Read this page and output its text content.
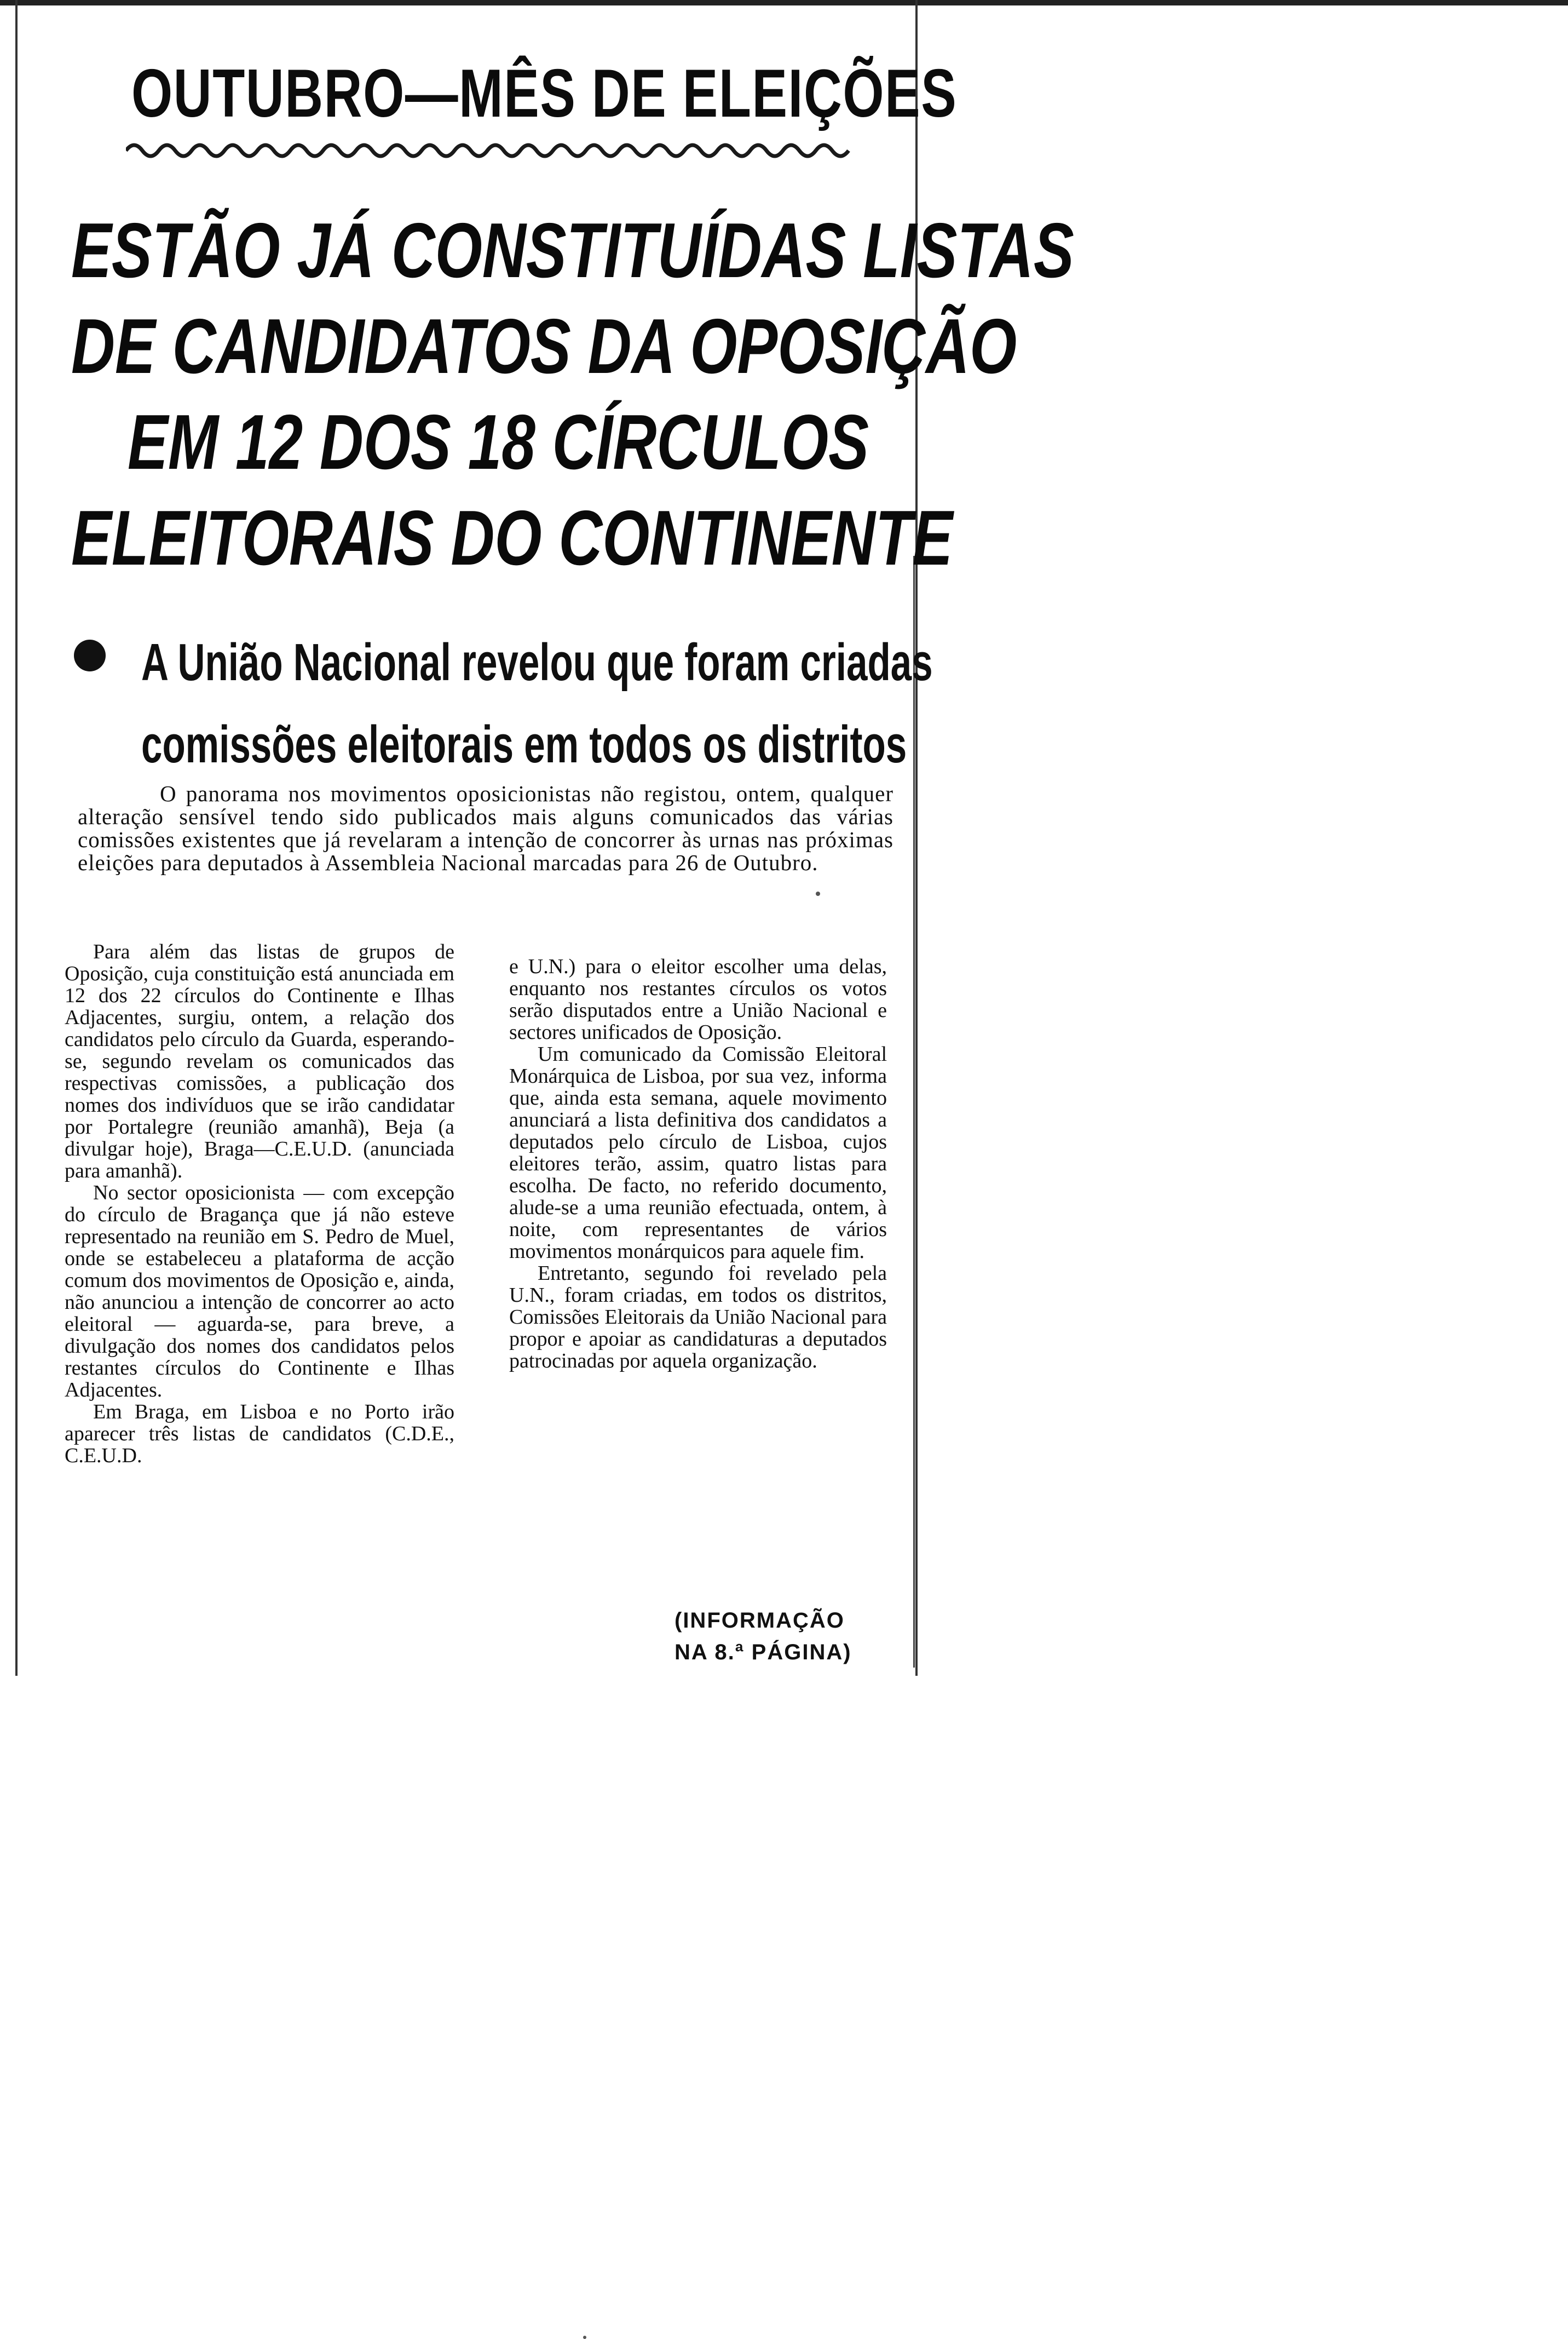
OUTUBRO—MÊS DE ELEIÇÕES
ESTÃO JÁ CONSTITUÍDAS LISTAS
DE CANDIDATOS DA OPOSIÇÃO
EM 12 DOS 18 CÍRCULOS
ELEITORAIS DO CONTINENTE
A União Nacional revelou que foram criadas
comissões eleitorais em todos os distritos
O panorama nos movimentos oposicionistas não registou, ontem, qualquer alteração sensível tendo sido publicados mais alguns comunicados das várias comissões existentes que já revelaram a intenção de concorrer às urnas nas próximas eleições para deputados à Assembleia Nacional marcadas para 26 de Outubro.

Para além das listas de grupos de Oposição, cuja constituição está anunciada em 12 dos 22 círculos do Continente e Ilhas Adjacentes, surgiu, ontem, a relação dos candidatos pelo círculo da Guarda, esperando-se, segundo revelam os comunicados das respectivas comissões, a publicação dos nomes dos indivíduos que se irão candidatar por Portalegre (reunião amanhã), Beja (a divulgar hoje), Braga—C.E.U.D. (anunciada para amanhã).

No sector oposicionista — com excepção do círculo de Bragança que já não esteve representado na reunião em S. Pedro de Muel, onde se estabeleceu a plataforma de acção comum dos movimentos de Oposição e, ainda, não anunciou a intenção de concorrer ao acto eleitoral — aguarda-se, para breve, a divulgação dos nomes dos candidatos pelos restantes círculos do Continente e Ilhas Adjacentes.

Em Braga, em Lisboa e no Porto irão aparecer três listas de candidatos (C.D.E., C.E.U.D.

e U.N.) para o eleitor escolher uma delas, enquanto nos restantes círculos os votos serão disputados entre a União Nacional e sectores unificados de Oposição.

Um comunicado da Comissão Eleitoral Monárquica de Lisboa, por sua vez, informa que, ainda esta semana, aquele movimento anunciará a lista definitiva dos candidatos a deputados pelo círculo de Lisboa, cujos eleitores terão, assim, quatro listas para escolha. De facto, no referido documento, alude-se a uma reunião efectuada, ontem, à noite, com representantes de vários movimentos monárquicos para aquele fim.

Entretanto, segundo foi revelado pela U.N., foram criadas, em todos os distritos, Comissões Eleitorais da União Nacional para propor e apoiar as candidaturas a deputados patrocinadas por aquela organização.

(INFORMAÇÃO
NA 8.ª PÁGINA)
